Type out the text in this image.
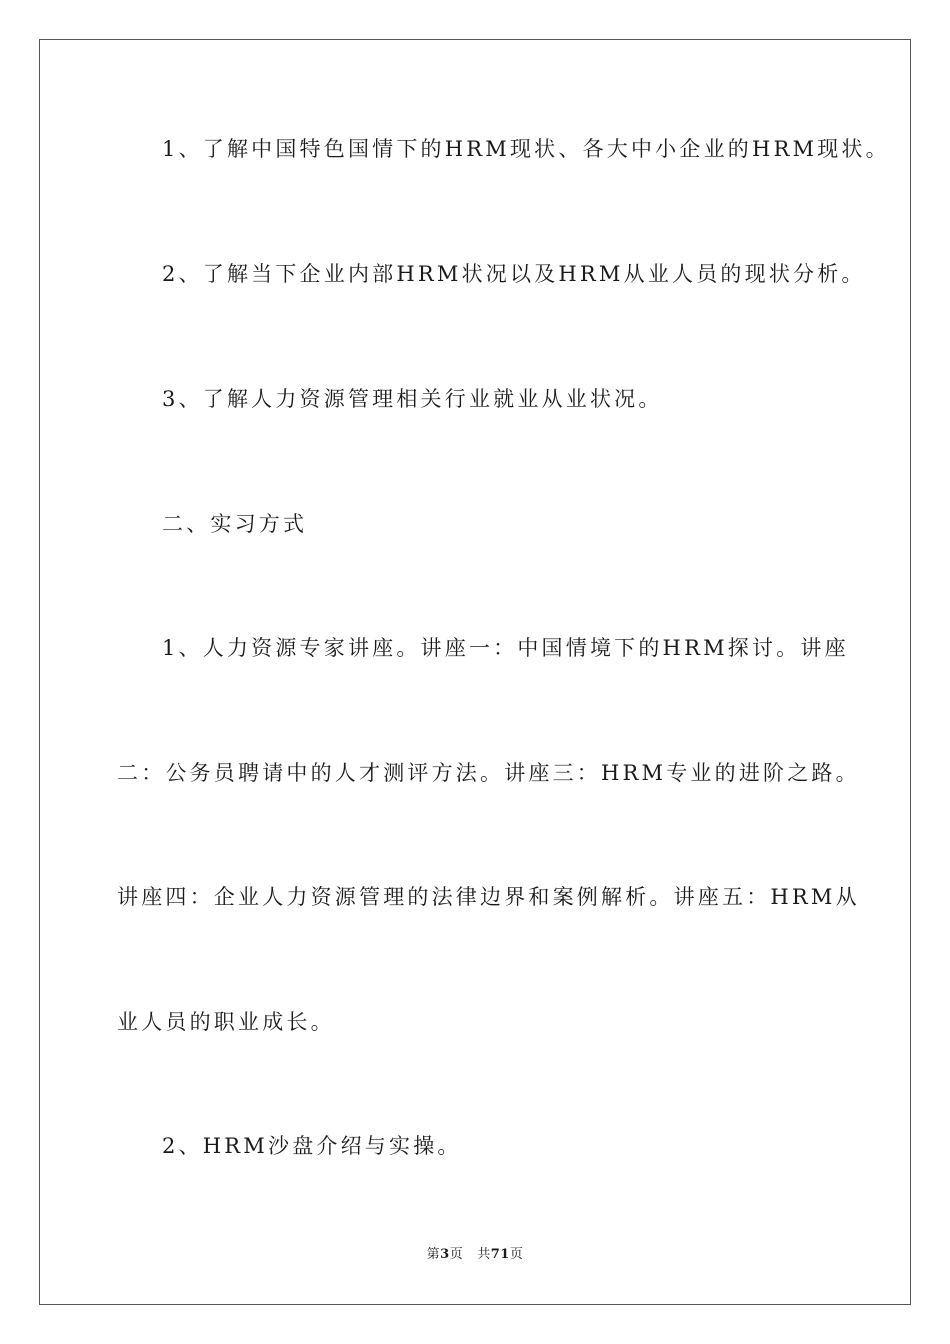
1、了解中国特色国情下的HRM现状、各大中小企业的HRM现状。
2、了解当下企业内部HRM状况以及HRM从业人员的现状分析。
3、了解人力资源管理相关行业就业从业状况。
二、实习方式
1、人力资源专家讲座。讲座一：中国情境下的HRM探讨。讲座
二：公务员聘请中的人才测评方法。讲座三：HRM专业的进阶之路。
讲座四：企业人力资源管理的法律边界和案例解析。讲座五：HRM从
业人员的职业成长。
2、HRM沙盘介绍与实操。
第3页 共71页
